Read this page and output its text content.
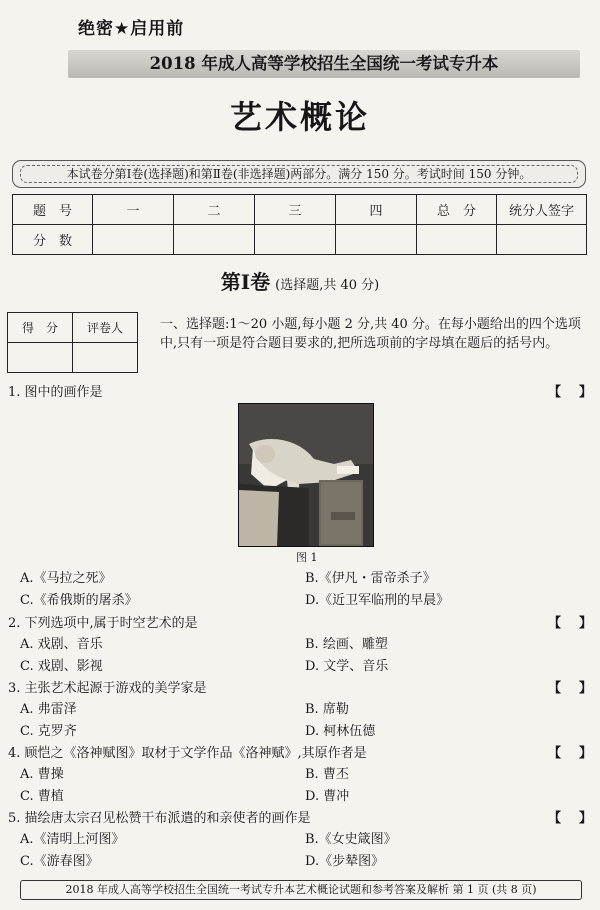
绝密★启用前
2018 年成人高等学校招生全国统一考试专升本
艺术概论
本试卷分第Ⅰ卷(选择题)和第Ⅱ卷(非选择题)两部分。满分 150 分。考试时间 150 分钟。
题　号	一	二	三	四	总　分	统分人签字
分　数						
第Ⅰ卷 (选择题,共 40 分)
得　分	评卷人
		一、选择题:1～20 小题,每小题 2 分,共 40 分。在每小题给出的四个选项中,只有一项是符合题目要求的,把所选项前的字母填在题后的括号内。
1. 图中的画作是	【 】
图 1
A.《马拉之死》	B.《伊凡・雷帝杀子》
C.《希俄斯的屠杀》	D.《近卫军临刑的早晨》
2. 下列选项中,属于时空艺术的是	【 】
A. 戏剧、音乐	B. 绘画、雕塑
C. 戏剧、影视	D. 文学、音乐
3. 主张艺术起源于游戏的美学家是	【 】
A. 弗雷泽	B. 席勒
C. 克罗齐	D. 柯林伍德
4. 顾恺之《洛神赋图》取材于文学作品《洛神赋》,其原作者是	【 】
A. 曹操	B. 曹丕
C. 曹植	D. 曹冲
5. 描绘唐太宗召见松赞干布派遣的和亲使者的画作是	【 】
A.《清明上河图》	B.《女史箴图》
C.《游春图》	D.《步辇图》
2018 年成人高等学校招生全国统一考试专升本艺术概论试题和参考答案及解析 第 1 页 (共 8 页)
